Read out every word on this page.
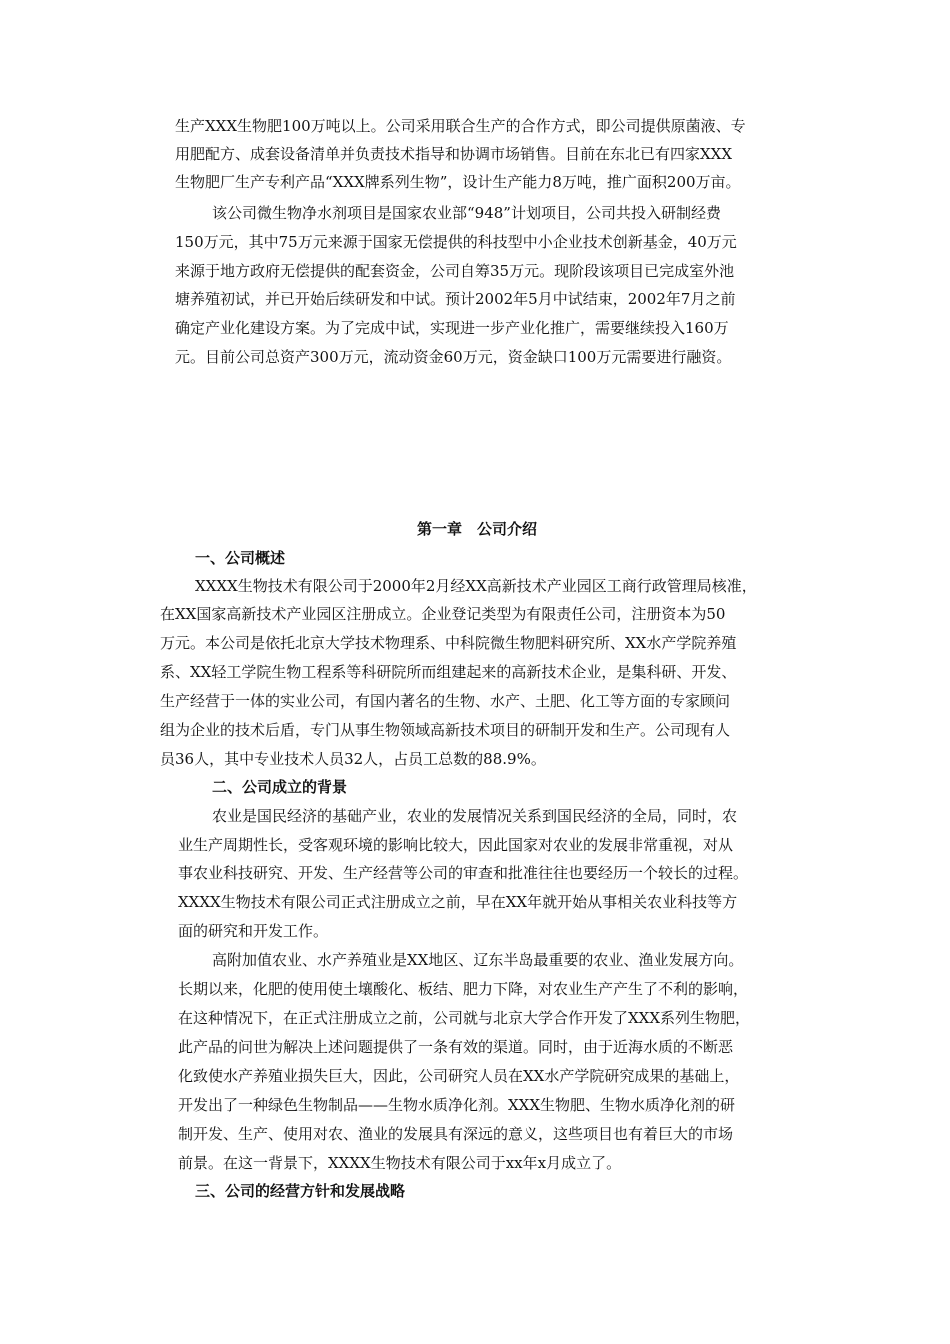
生产XXX生物肥100万吨以上。公司采用联合生产的合作方式，即公司提供原菌液、专

用肥配方、成套设备清单并负责技术指导和协调市场销售。目前在东北已有四家XXX

生物肥厂生产专利产品“XXX牌系列生物”，设计生产能力8万吨，推广面积200万亩。

该公司微生物净水剂项目是国家农业部“948”计划项目，公司共投入研制经费

150万元，其中75万元来源于国家无偿提供的科技型中小企业技术创新基金，40万元

来源于地方政府无偿提供的配套资金，公司自筹35万元。现阶段该项目已完成室外池

塘养殖初试，并已开始后续研发和中试。预计2002年5月中试结束，2002年7月之前

确定产业化建设方案。为了完成中试，实现进一步产业化推广，需要继续投入160万

元。目前公司总资产300万元，流动资金60万元，资金缺口100万元需要进行融资。

第一章　公司介绍

一、公司概述

XXXX生物技术有限公司于2000年2月经XX高新技术产业园区工商行政管理局核准，

在XX国家高新技术产业园区注册成立。企业登记类型为有限责任公司，注册资本为50

万元。本公司是依托北京大学技术物理系、中科院微生物肥料研究所、XX水产学院养殖

系、XX轻工学院生物工程系等科研院所而组建起来的高新技术企业，是集科研、开发、

生产经营于一体的实业公司，有国内著名的生物、水产、土肥、化工等方面的专家顾问

组为企业的技术后盾，专门从事生物领域高新技术项目的研制开发和生产。公司现有人

员36人，其中专业技术人员32人，占员工总数的88.9%。

二、公司成立的背景

农业是国民经济的基础产业，农业的发展情况关系到国民经济的全局，同时，农

业生产周期性长，受客观环境的影响比较大，因此国家对农业的发展非常重视，对从

事农业科技研究、开发、生产经营等公司的审查和批准往往也要经历一个较长的过程。

XXXX生物技术有限公司正式注册成立之前，早在XX年就开始从事相关农业科技等方

面的研究和开发工作。

高附加值农业、水产养殖业是XX地区、辽东半岛最重要的农业、渔业发展方向。

长期以来，化肥的使用使土壤酸化、板结、肥力下降，对农业生产产生了不利的影响，

在这种情况下，在正式注册成立之前，公司就与北京大学合作开发了XXX系列生物肥，

此产品的问世为解决上述问题提供了一条有效的渠道。同时，由于近海水质的不断恶

化致使水产养殖业损失巨大，因此，公司研究人员在XX水产学院研究成果的基础上，

开发出了一种绿色生物制品——生物水质净化剂。XXX生物肥、生物水质净化剂的研

制开发、生产、使用对农、渔业的发展具有深远的意义，这些项目也有着巨大的市场

前景。在这一背景下，XXXX生物技术有限公司于xx年x月成立了。

三、公司的经营方针和发展战略
